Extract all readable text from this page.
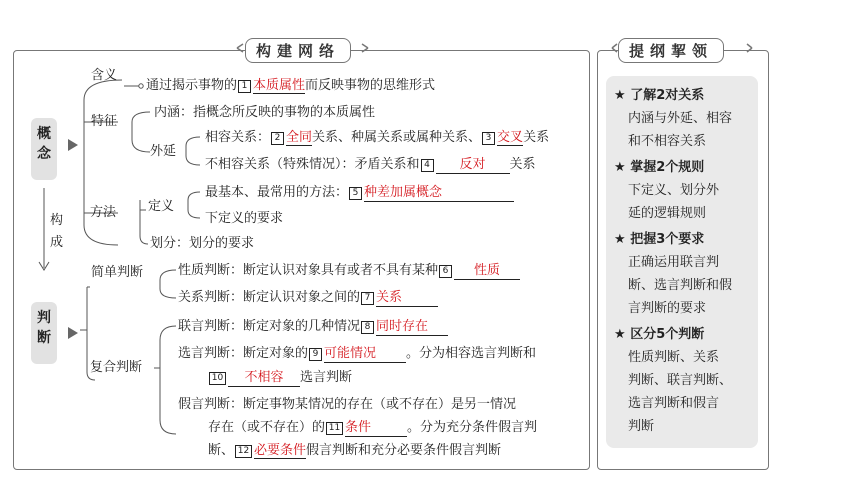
构建网络	提纲挈领
概念
判断
构成
含义
通过揭示事物的 1 本质属性而反映事物的思维形式
特征
内涵：指概念所反映的事物的本质属性
外延
相容关系： 2 全同关系、种属关系或属种关系、 3 交叉关系
不相容关系（特殊情况）：矛盾关系和 4 反对 关系
方法 定义
最基本、最常用的方法： 5 种差加属概念
下定义的要求
划分：划分的要求
简单判断	性质判断：断定认识对象具有或者不具有某种 6 性质
关系判断：断定认识对象之间的 7 关系
复合判断
联言判断：断定对象的几种情况 8 同时存在
选言判断：断定对象的 9 可能情况 。分为相容选言判断和
10 不相容 选言判断
假言判断：断定事物某情况的存在（或不存在）是另一情况
存在（或不存在）的 11 条件	。分为充分条件假言判
断、 12 必要条件假言判断和充分必要条件假言判断
★ 了解2对关系
内涵与外延、相容
和不相容关系
★ 掌握2个规则
下定义、划分外
延的逻辑规则
★ 把握3个要求
正确运用联言判
断、选言判断和假
言判断的要求
★ 区分5个判断
性质判断、关系
判断、联言判断、
选言判断和假言
判断
